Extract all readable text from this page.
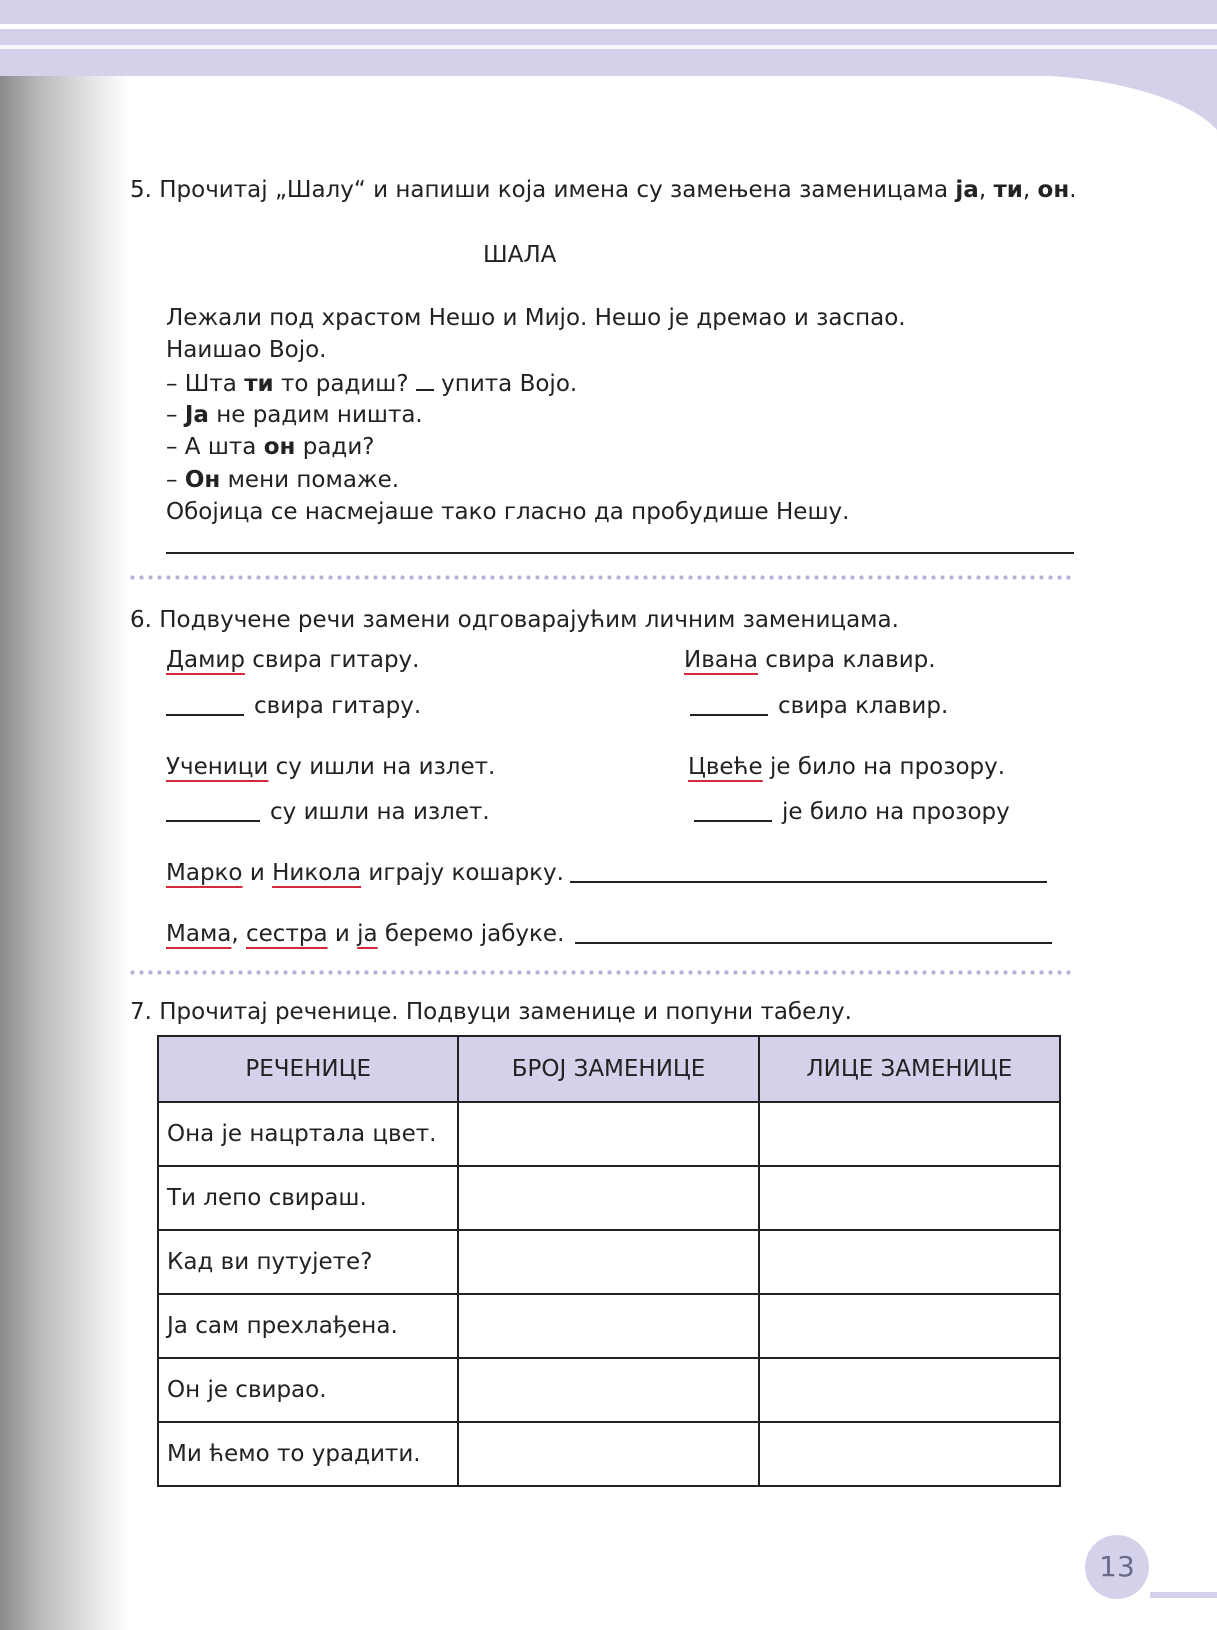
5. Прочитај „Шалу“ и напиши која имена су замењена заменицама ја, ти, он.
ШАЛА
Лежали под храстом Нешо и Мијо. Нешо је дремао и заспао.
Наишао Војо.
– Шта ти то радиш?  упита Војо.
– Ја не радим ништа.
– А шта он ради?
– Он мени помаже.
Обојица се насмејаше тако гласно да пробудише Нешу.
6. Подвучене речи замени одговарајућим личним заменицама.
Дамир свира гитару.	Ивана свира клавир.
свира гитару.	свира клавир.
Ученици су ишли на излет.	Цвеће је било на прозору.
су ишли на излет.	је било на прозору
Марко и Никола играју кошарку.
Мама, сестра и ја беремо јабуке.
7. Прочитај реченице. Подвуци заменице и попуни табелу.
РЕЧЕНИЦЕ	БРОЈ ЗАМЕНИЦЕ	ЛИЦЕ ЗАМЕНИЦЕ
Она је нацртала цвет.		
Ти лепо свираш.		
Кад ви путујете?		
Ја сам прехлађена.		
Он је свирао.		
Ми ћемо то урадити.		
13
